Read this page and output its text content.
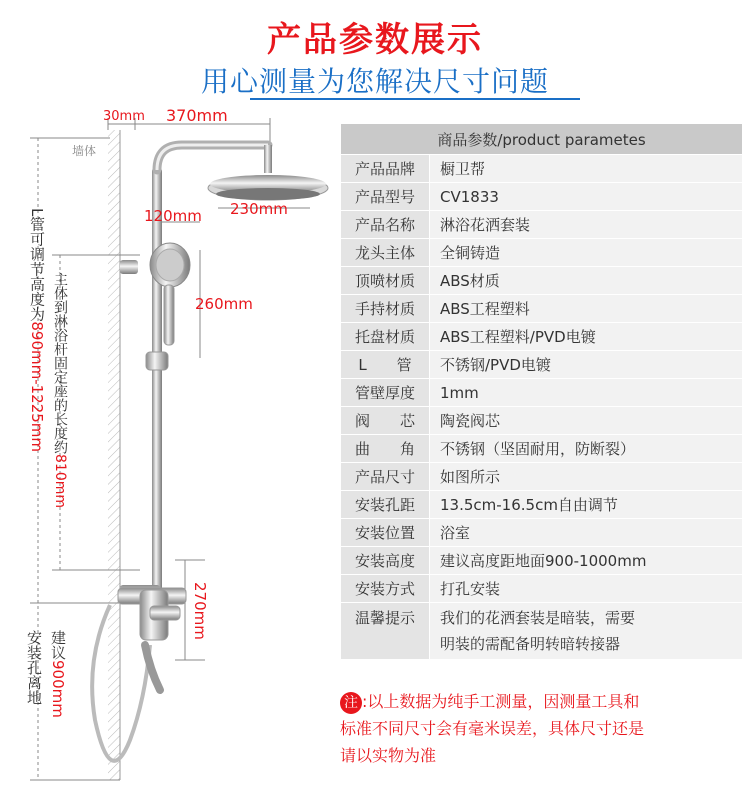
产品参数展示
用心测量为您解决尺寸问题
墙体
30mm 370mm
230mm
120mm
260mm
270mm
L管可调节高度为890mm-1225mm 主体到淋浴杆固定座的长度约810mm
安装孔离地 建议900mm
商品参数/product parametes	
产品品牌	橱卫帮
产品型号	CV1833
产品名称	淋浴花洒套装
龙头主体	全铜铸造
顶喷材质	ABS材质
手持材质	ABS工程塑料
托盘材质	ABS工程塑料/PVD电镀
L　　管	不锈钢/PVD电镀
管壁厚度	1mm
阀　　芯	陶瓷阀芯
曲　　角	不锈钢（坚固耐用，防断裂）
产品尺寸	如图所示
安装孔距	13.5cm-16.5cm自由调节
安装位置	浴室
安装高度	建议高度距地面900-1000mm
安装方式	打孔安装
温馨提示	我们的花洒套装是暗装，需要
明装的需配备明转暗转接器
注 :以上数据为纯手工测量，因测量工具和
标准不同尺寸会有毫米误差，具体尺寸还是
请以实物为准
